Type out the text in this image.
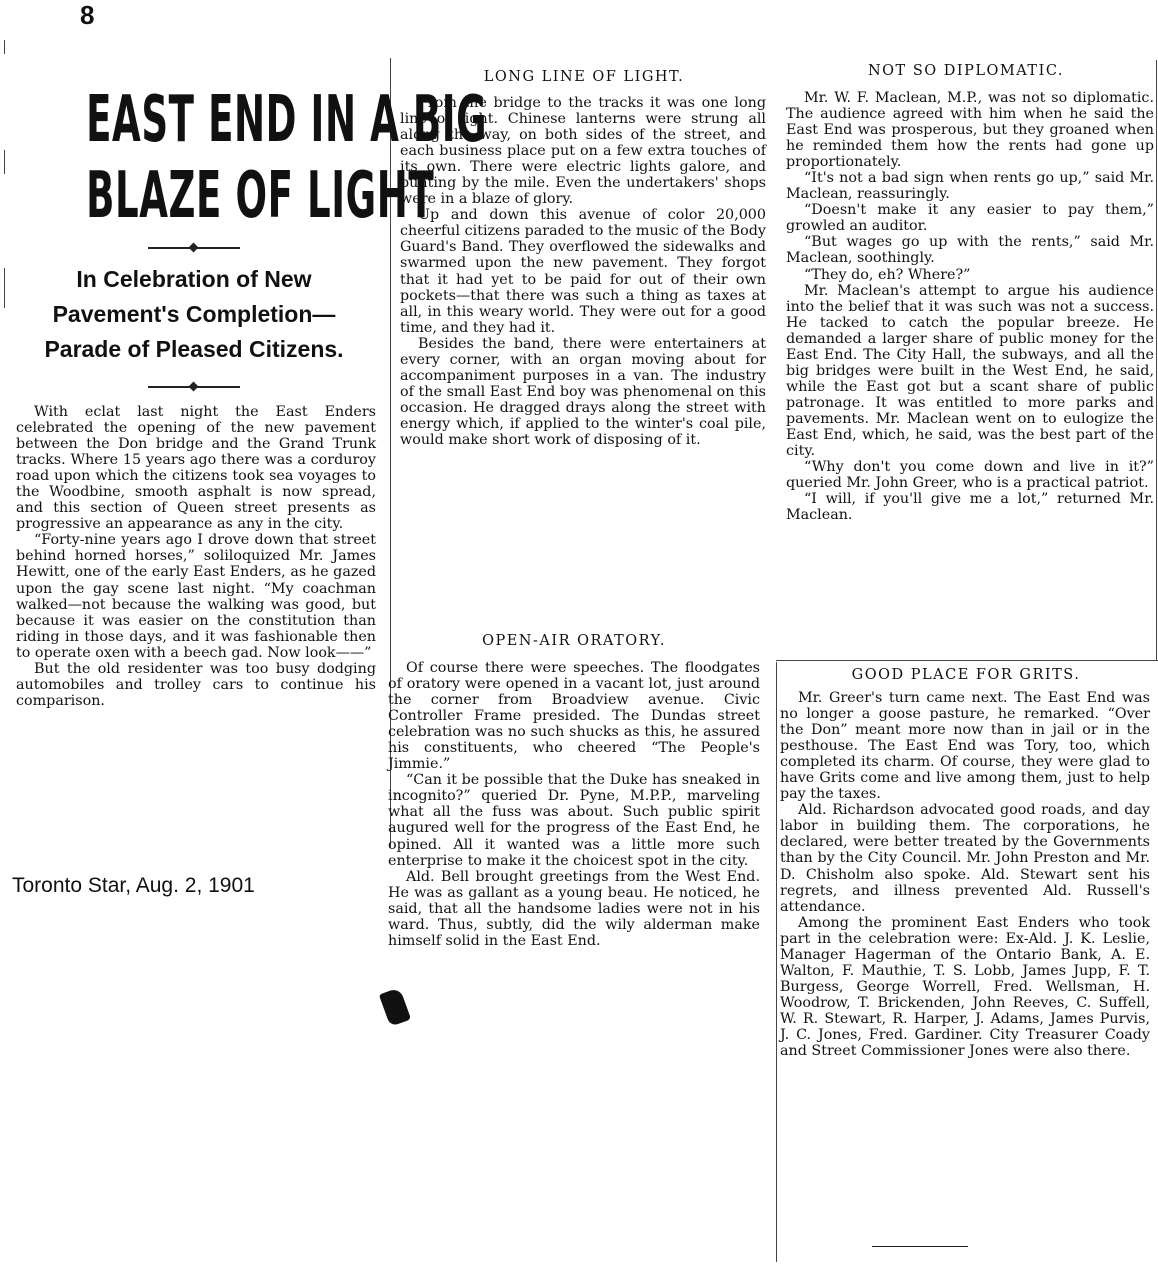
8
EAST END IN A BIG
BLAZE OF LIGHT
In Celebration of New Pavement's Completion—Parade of Pleased Citizens.

With eclat last night the East Enders celebrated the opening of the new pavement between the Don bridge and the Grand Trunk tracks. Where 15 years ago there was a corduroy road upon which the citizens took sea voyages to the Woodbine, smooth asphalt is now spread, and this section of Queen street presents as progressive an appearance as any in the city.

“Forty-nine years ago I drove down that street behind horned horses,” soliloquized Mr. James Hewitt, one of the early East Enders, as he gazed upon the gay scene last night. “My coachman walked—not because the walking was good, but because it was easier on the constitution than riding in those days, and it was fashionable then to operate oxen with a beech gad. Now look——”

But the old residenter was too busy dodging automobiles and trolley cars to continue his comparison.

Toronto Star, Aug. 2, 1901
LONG LINE OF LIGHT.

From the bridge to the tracks it was one long line of light. Chinese lanterns were strung all along the way, on both sides of the street, and each business place put on a few extra touches of its own. There were electric lights galore, and bunting by the mile. Even the undertakers' shops were in a blaze of glory.

Up and down this avenue of color 20,000 cheerful citizens paraded to the music of the Body Guard's Band. They overflowed the sidewalks and swarmed upon the new pavement. They forgot that it had yet to be paid for out of their own pockets—that there was such a thing as taxes at all, in this weary world. They were out for a good time, and they had it.

Besides the band, there were entertainers at every corner, with an organ moving about for accompaniment purposes in a van. The industry of the small East End boy was phenomenal on this occasion. He dragged drays along the street with energy which, if applied to the winter's coal pile, would make short work of disposing of it.

OPEN-AIR ORATORY.

Of course there were speeches. The floodgates of oratory were opened in a vacant lot, just around the corner from Broadview avenue. Civic Controller Frame presided. The Dundas street celebration was no such shucks as this, he assured his constituents, who cheered “The People's Jimmie.”

“Can it be possible that the Duke has sneaked in incognito?” queried Dr. Pyne, M.P.P., marveling what all the fuss was about. Such public spirit augured well for the progress of the East End, he opined. All it wanted was a little more such enterprise to make it the choicest spot in the city.

Ald. Bell brought greetings from the West End. He was as gallant as a young beau. He noticed, he said, that all the handsome ladies were not in his ward. Thus, subtly, did the wily alderman make himself solid in the East End.

NOT SO DIPLOMATIC.

Mr. W. F. Maclean, M.P., was not so diplomatic. The audience agreed with him when he said the East End was prosperous, but they groaned when he reminded them how the rents had gone up proportionately.

“It's not a bad sign when rents go up,” said Mr. Maclean, reassuringly.

“Doesn't make it any easier to pay them,” growled an auditor.

“But wages go up with the rents,” said Mr. Maclean, soothingly.

“They do, eh? Where?”

Mr. Maclean's attempt to argue his audience into the belief that it was such was not a success. He tacked to catch the popular breeze. He demanded a larger share of public money for the East End. The City Hall, the subways, and all the big bridges were built in the West End, he said, while the East got but a scant share of public patronage. It was entitled to more parks and pavements. Mr. Maclean went on to eulogize the East End, which, he said, was the best part of the city.

“Why don't you come down and live in it?” queried Mr. John Greer, who is a practical patriot.

“I will, if you'll give me a lot,” returned Mr. Maclean.

GOOD PLACE FOR GRITS.

Mr. Greer's turn came next. The East End was no longer a goose pasture, he remarked. “Over the Don” meant more now than in jail or in the pesthouse. The East End was Tory, too, which completed its charm. Of course, they were glad to have Grits come and live among them, just to help pay the taxes.

Ald. Richardson advocated good roads, and day labor in building them. The corporations, he declared, were better treated by the Governments than by the City Council. Mr. John Preston and Mr. D. Chisholm also spoke. Ald. Stewart sent his regrets, and illness prevented Ald. Russell's attendance.

Among the prominent East Enders who took part in the celebration were: Ex-Ald. J. K. Leslie, Manager Hagerman of the Ontario Bank, A. E. Walton, F. Mauthie, T. S. Lobb, James Jupp, F. T. Burgess, George Worrell, Fred. Wellsman, H. Woodrow, T. Brickenden, John Reeves, C. Suffell, W. R. Stewart, R. Harper, J. Adams, James Purvis, J. C. Jones, Fred. Gardiner. City Treasurer Coady and Street Commissioner Jones were also there.
